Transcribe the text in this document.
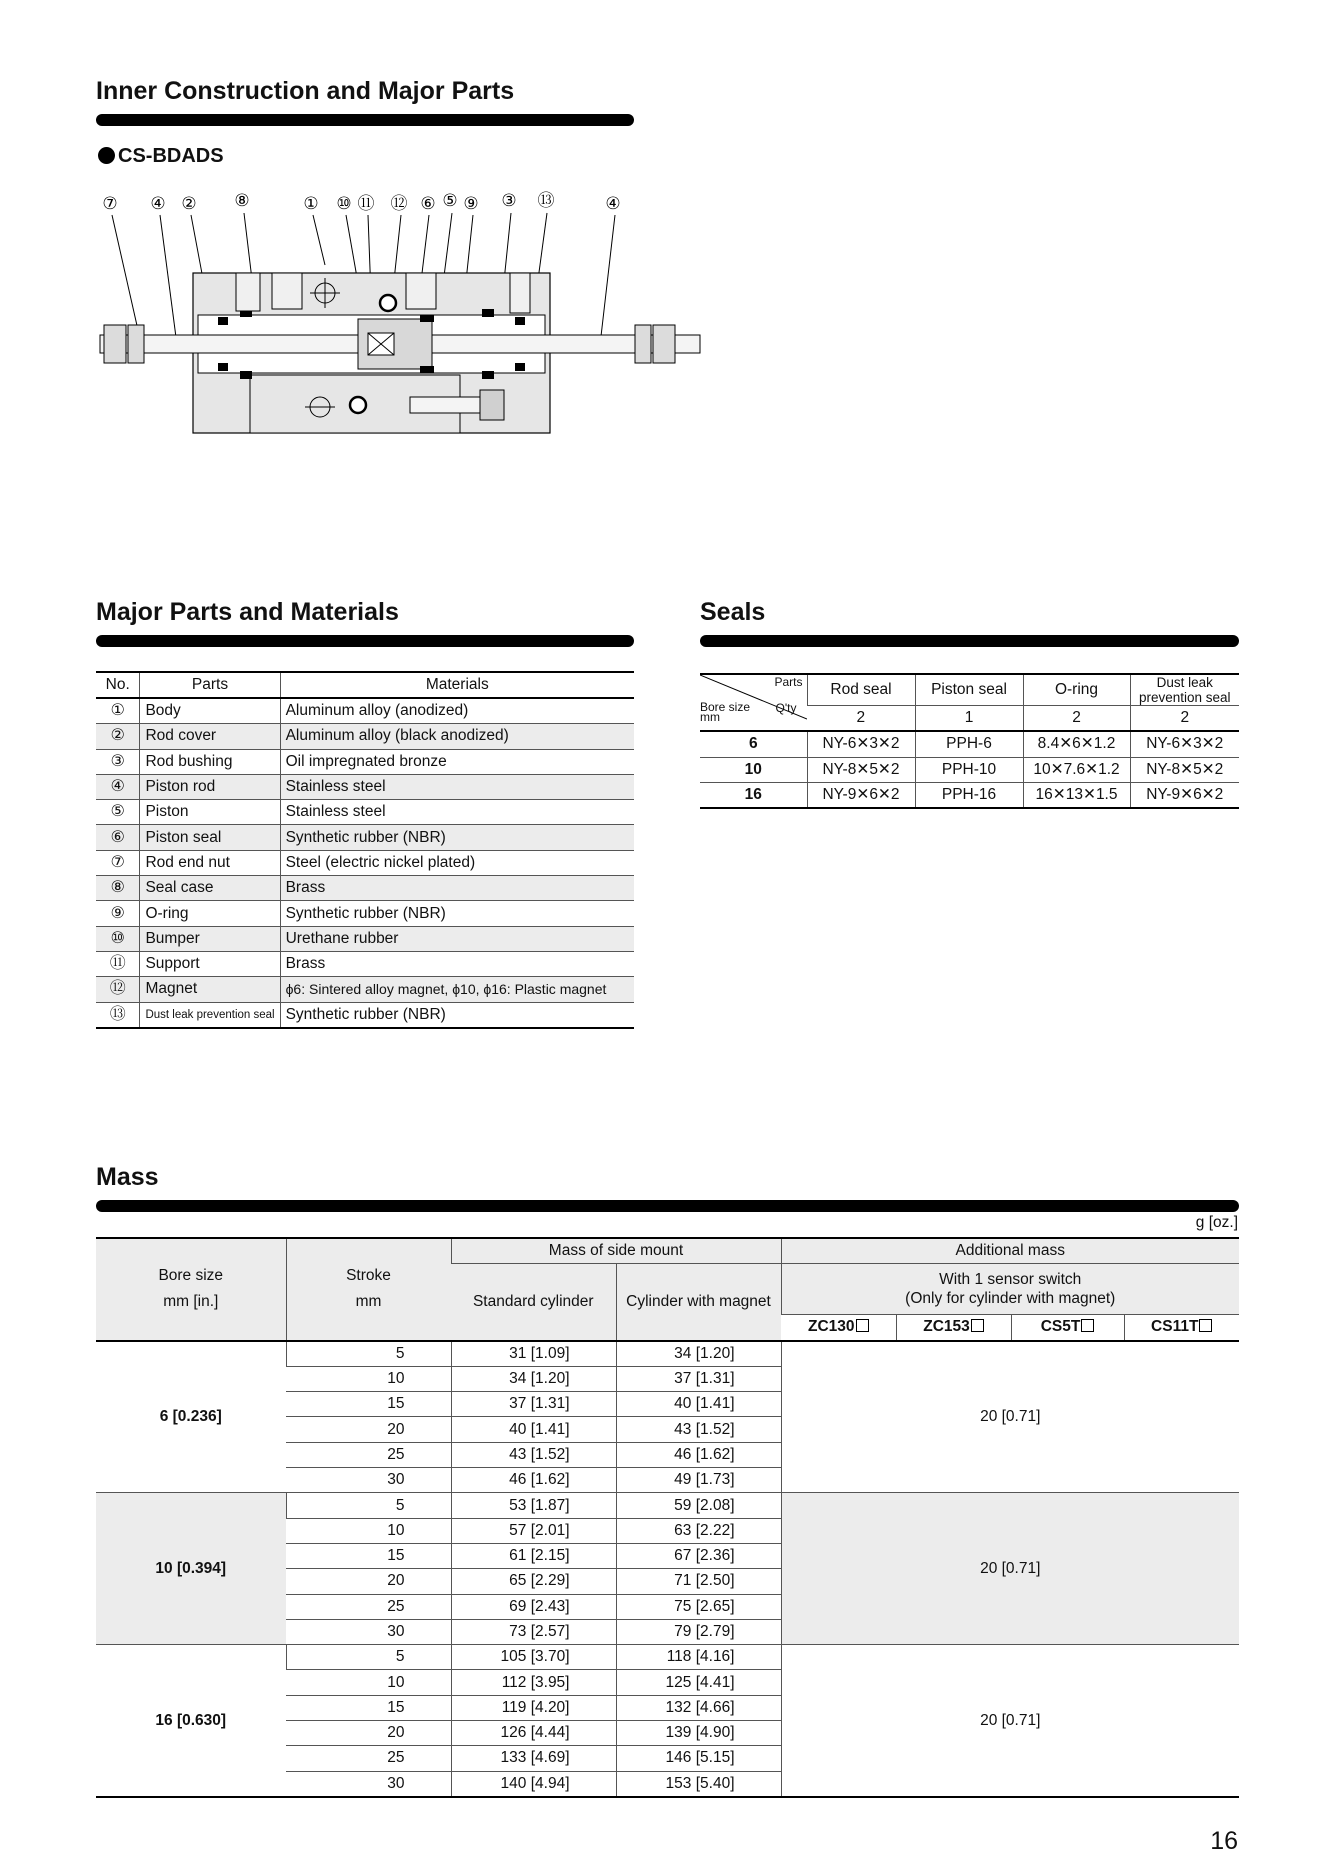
Inner Construction and Major Parts
CS-BDADS
⑦ ④ ② ⑧	① ⑩ ⑪ ⑫ ⑥ ⑤ ⑨ ③ ⑬	④
Major Parts and Materials
No.	Parts	Materials
①	Body	Aluminum alloy (anodized)
②	Rod cover	Aluminum alloy (black anodized)
③	Rod bushing	Oil impregnated bronze
④	Piston rod	Stainless steel
⑤	Piston	Stainless steel
⑥	Piston seal	Synthetic rubber (NBR)
⑦	Rod end nut	Steel (electric nickel plated)
⑧	Seal case	Brass
⑨	O-ring	Synthetic rubber (NBR)
⑩	Bumper	Urethane rubber
⑪	Support	Brass
⑫	Magnet	ϕ6: Sintered alloy magnet, ϕ10, ϕ16: Plastic magnet
⑬	Dust leak prevention seal	Synthetic rubber (NBR)
Seals
Parts
Q'ty
Bore size
mm	Rod seal	Piston seal	O-ring	Dust leak prevention seal
	2	1	2	2
6	NY-6✕3✕2	PPH-6	8.4✕6✕1.2	NY-6✕3✕2
10	NY-8✕5✕2	PPH-10	10✕7.6✕1.2	NY-8✕5✕2
16	NY-9✕6✕2	PPH-16	16✕13✕1.5	NY-9✕6✕2
Mass
g [oz.]
Bore size
mm [in.]	Stroke
mm	Mass of side mount		Additional mass			
		Standard cylinder	Cylinder with magnet	With 1 sensor switch
(Only for cylinder with magnet)			
				ZC130	ZC153	CS5T	CS11T
6 [0.236]	5	31 [1.09]	34 [1.20]	20 [0.71]			
	10	34 [1.20]	37 [1.31]				
	15	37 [1.31]	40 [1.41]				
	20	40 [1.41]	43 [1.52]				
	25	43 [1.52]	46 [1.62]				
	30	46 [1.62]	49 [1.73]				
10 [0.394]	5	53 [1.87]	59 [2.08]	20 [0.71]			
	10	57 [2.01]	63 [2.22]				
	15	61 [2.15]	67 [2.36]				
	20	65 [2.29]	71 [2.50]				
	25	69 [2.43]	75 [2.65]				
	30	73 [2.57]	79 [2.79]				
16 [0.630]	5	105 [3.70]	118 [4.16]	20 [0.71]			
	10	112 [3.95]	125 [4.41]				
	15	119 [4.20]	132 [4.66]				
	20	126 [4.44]	139 [4.90]				
	25	133 [4.69]	146 [5.15]				
	30	140 [4.94]	153 [5.40]				
16
